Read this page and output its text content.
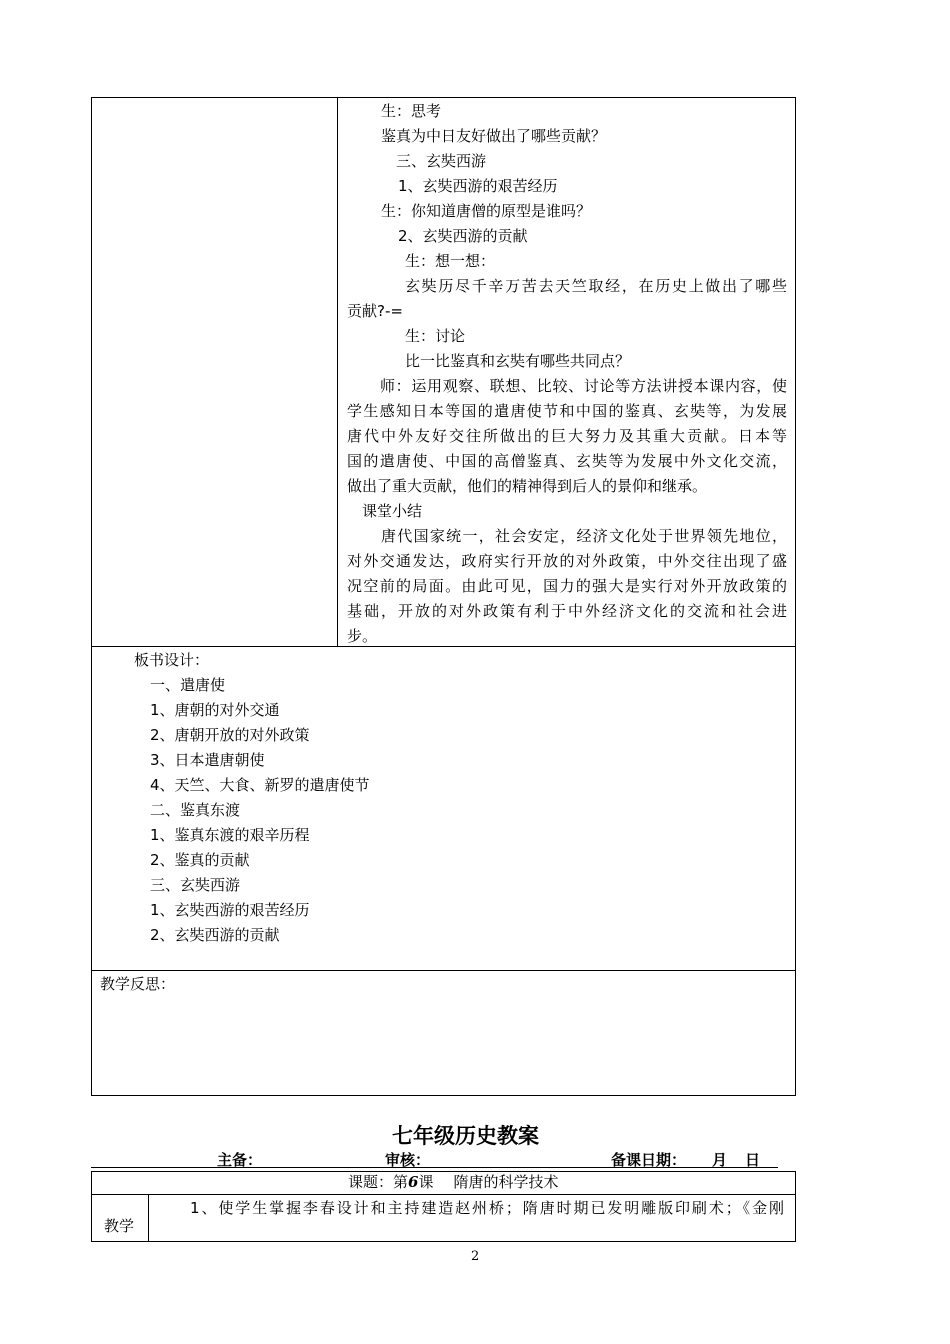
生：思考
鉴真为中日友好做出了哪些贡献？
三、玄奘西游
1、玄奘西游的艰苦经历
生：你知道唐僧的原型是谁吗？
2、玄奘西游的贡献
生：想一想：
玄奘历尽千辛万苦去天竺取经，在历史上做出了哪些
贡献?-=
生：讨论
比一比鉴真和玄奘有哪些共同点？
师：运用观察、联想、比较、讨论等方法讲授本课内容，使
学生感知日本等国的遣唐使节和中国的鉴真、玄奘等，为发展
唐代中外友好交往所做出的巨大努力及其重大贡献。日本等
国的遣唐使、中国的高僧鉴真、玄奘等为发展中外文化交流，
做出了重大贡献，他们的精神得到后人的景仰和继承。
课堂小结
唐代国家统一，社会安定，经济文化处于世界领先地位，
对外交通发达，政府实行开放的对外政策，中外交往出现了盛
况空前的局面。由此可见，国力的强大是实行对外开放政策的
基础，开放的对外政策有利于中外经济文化的交流和社会进
步。
板书设计：
一、遣唐使
1、唐朝的对外交通
2、唐朝开放的对外政策
3、日本遣唐朝使
4、天竺、大食、新罗的遣唐使节
二、鉴真东渡
1、鉴真东渡的艰辛历程
2、鉴真的贡献
三、玄奘西游
1、玄奘西游的艰苦经历
2、玄奘西游的贡献
教学反思：
七年级历史教案
主备：	审核：	备课日期： 月 日
课题：第6课 隋唐的科学技术
教学
1、使学生掌握李春设计和主持建造赵州桥；隋唐时期已发明雕版印刷术；《金刚
2
